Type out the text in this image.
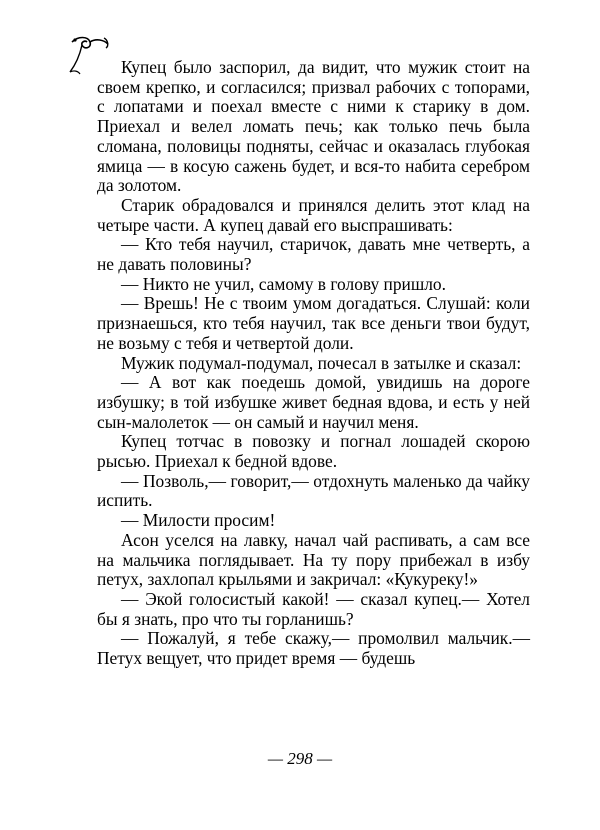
Купец было заспорил, да видит, что мужик стоит на своем крепко, и согласился; призвал рабочих с топорами, с лопатами и поехал вместе с ними к старику в дом. Приехал и велел ломать печь; как только печь была сломана, половицы подняты, сейчас и оказалась глубокая ямица — в косую сажень будет, и вся-то набита серебром да золотом.

Старик обрадовался и принялся делить этот клад на четыре части. А купец давай его выспрашивать:

— Кто тебя научил, старичок, давать мне четверть, а не давать половины?

— Никто не учил, самому в голову пришло.

— Врешь! Не с твоим умом догадаться. Слушай: коли признаешься, кто тебя научил, так все деньги твои будут, не возьму с тебя и четвертой доли.

Мужик подумал-подумал, почесал в затылке и сказал:

— А вот как поедешь домой, увидишь на дороге избушку; в той избушке живет бедная вдова, и есть у ней сын-малолеток — он самый и научил меня.

Купец тотчас в повозку и погнал лошадей скорою рысью. Приехал к бедной вдове.

— Позволь,— говорит,— отдохнуть маленько да чайку испить.

— Милости просим!

Асон уселся на лавку, начал чай распивать, а сам все на мальчика поглядывает. На ту пору прибежал в избу петух, захлопал крыльями и закричал: «Кукуреку!»

— Экой голосистый какой! — сказал купец.— Хотел бы я знать, про что ты горланишь?

— Пожалуй, я тебе скажу,— промолвил мальчик.— Петух вещует, что придет время — будешь

— 298 —
